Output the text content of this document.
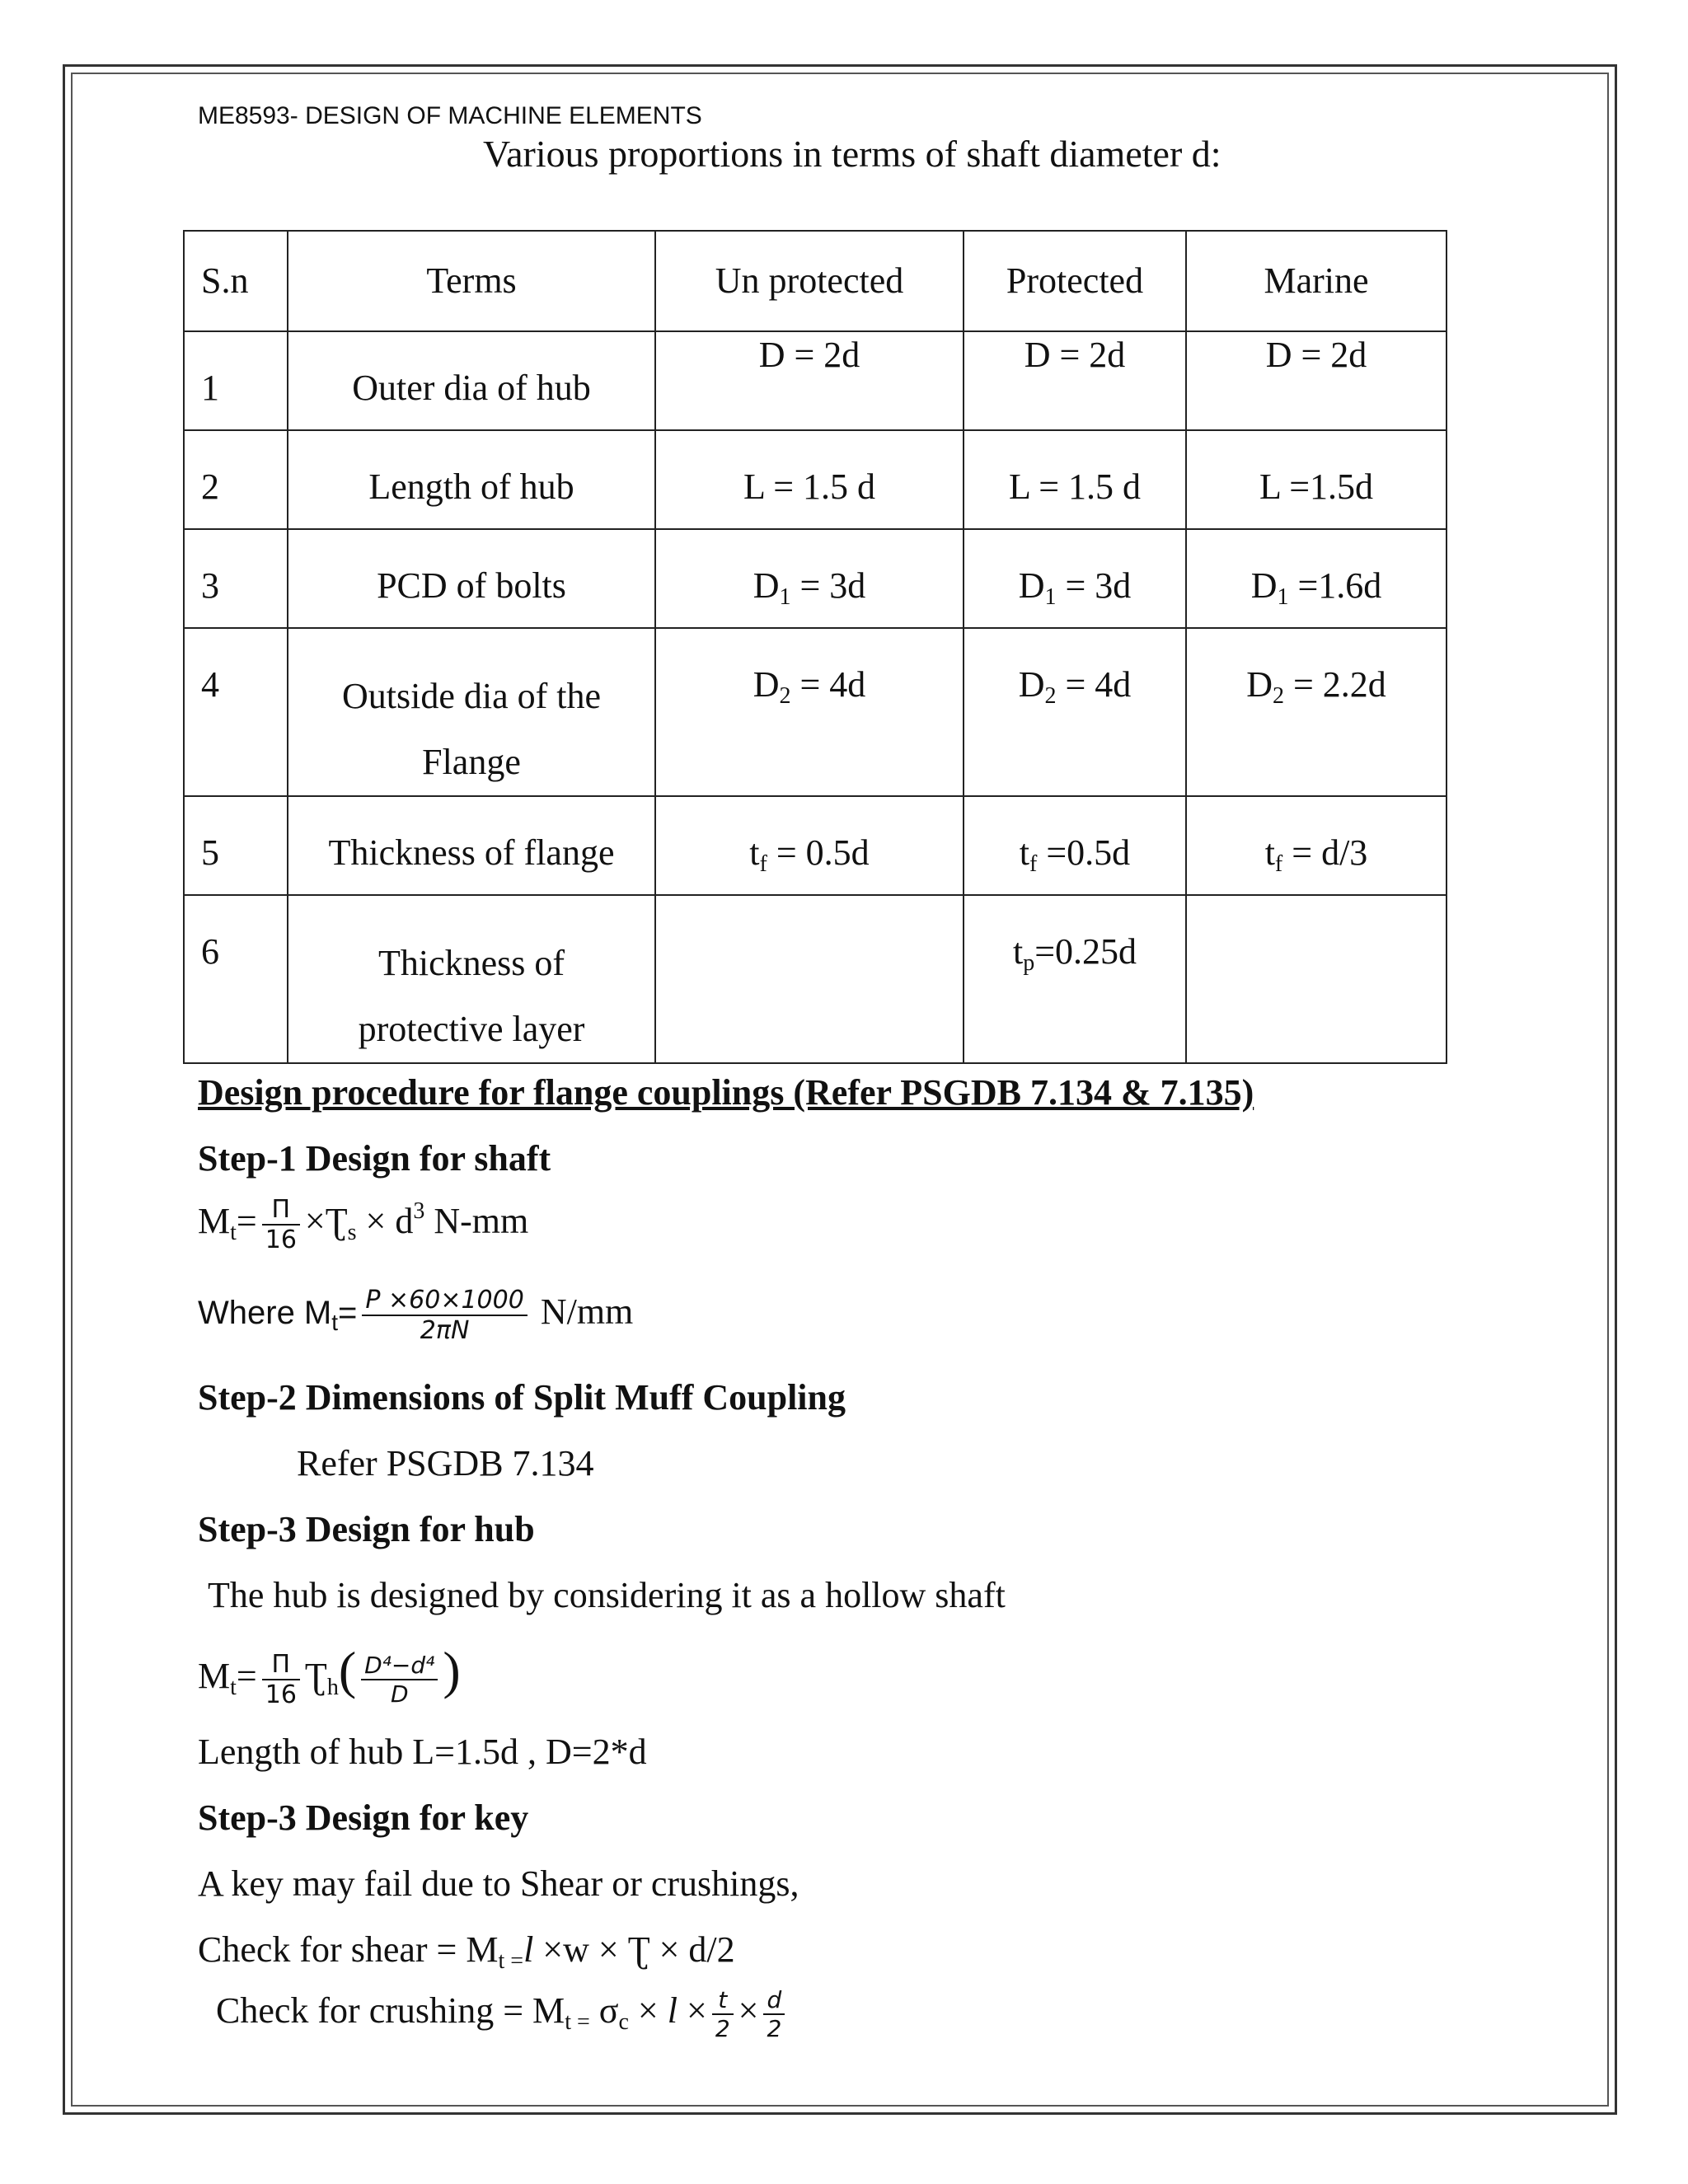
ME8593- DESIGN OF MACHINE ELEMENTS
Various proportions in terms of shaft diameter d:
S.n	Terms	Un protected	Protected	Marine

1	Outer dia of hub	D = 2d	D = 2d	D = 2d

2	Length of hub	L = 1.5 d	L = 1.5 d	L =1.5d

3	PCD of bolts	$D_1 = 3d$	$D_1 = 3d$	$D_1 =1.6d$

4	Outside dia of the
Flange	$D_2 = 4d$	$D_2 = 4d$	$D_2 = 2.2d$

5	Thickness of flange	$t_f = 0.5d$	$t_f =0.5d$	$t_f = d/3$

6	Thickness of
protective layer		$t_p=0.25d$	

Design procedure for flange couplings (Refer PSGDB 7.134 & 7.135)
Step-1 Design for shaft
$M_t= \frac{\Pi}{16}$ $\times Ʈ_s \times d^3$ N-mm
Where $M_t= \frac{P \times 60\times 1000}{2\pi N} N/mm$
Step-2 Dimensions of Split Muff Coupling
Refer PSGDB 7.134
Step-3 Design for hub
The hub is designed by considering it as a hollow shaft
$M_t= \frac{\Pi}{16}$ $Ʈ_h( \frac{\text{D⁴−d⁴}}{D}$ )
Length of hub L=1.5d , D=2*d
Step-3 Design for key
A key may fail due to Shear or crushings,
Check for shear = $M_{t =}l \times w$ × Ʈ × d/2
Check for crushing = $M_{t =}$ $\sigma_c \times l \times \frac{t}{2} \times \frac{d}{2}$
